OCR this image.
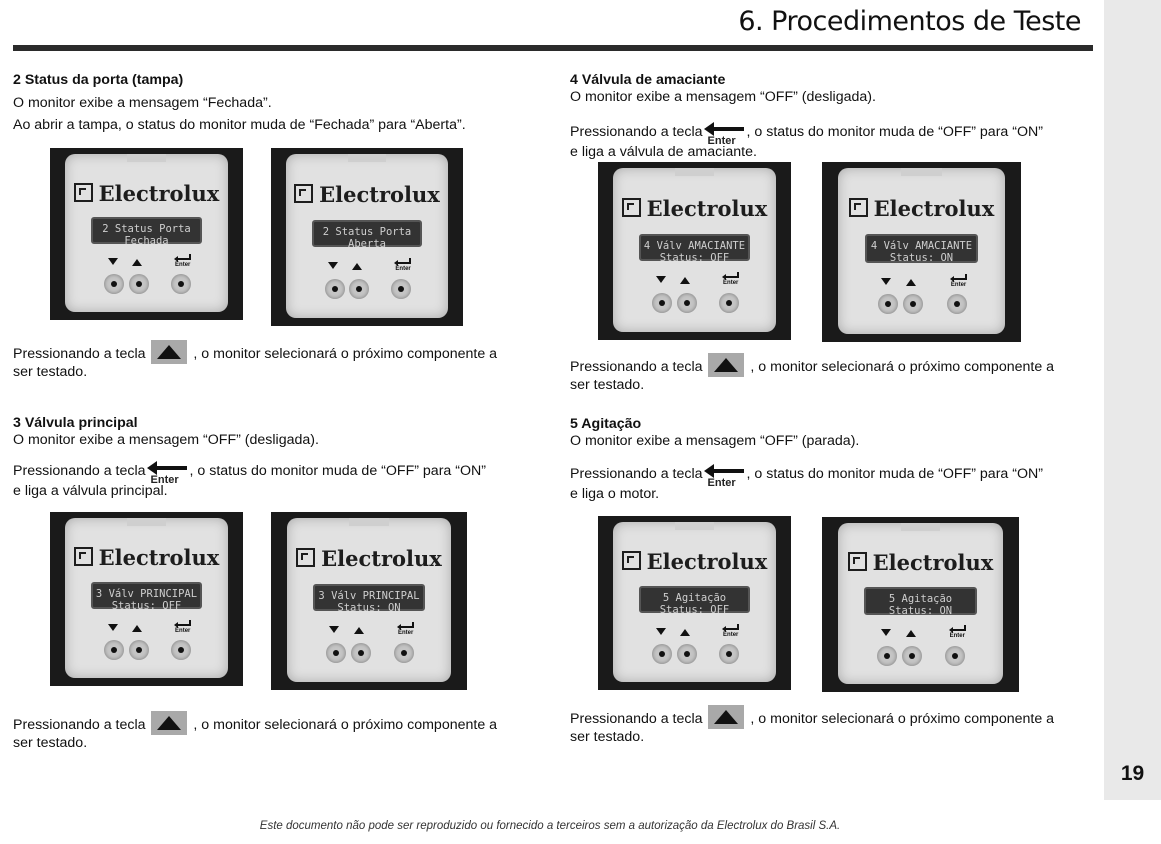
19
6. Procedimentos de Teste
2 Status da porta (tampa)

O monitor exibe a mensagem “Fechada”.

Ao abrir a tampa, o status do monitor muda de “Fechada” para “Aberta”.

Electrolux
2 Status Porta
Fechada
Enter
Electrolux
2 Status Porta
Aberta
Enter

Pressionando a tecla	, o monitor selecionará o próximo componente a

ser testado.

3 Válvula principal

O monitor exibe a mensagem “OFF” (desligada).

Pressionando a tecla
Enter
, o status do monitor muda de “OFF” para “ON”

e liga a válvula principal.

Electrolux
3 Válv PRINCIPAL
Status: OFF
Enter
Electrolux
3 Válv PRINCIPAL
Status: ON
Enter

Pressionando a tecla	, o monitor selecionará o próximo componente a

ser testado.

4 Válvula de amaciante

O monitor exibe a mensagem “OFF” (desligada).

Pressionando a tecla
Enter
, o status do monitor muda de “OFF” para “ON”

e liga a válvula de amaciante.

Electrolux
4 Válv AMACIANTE
Status: OFF
Enter
Electrolux
4 Válv AMACIANTE
Status: ON
Enter

Pressionando a tecla	, o monitor selecionará o próximo componente a

ser testado.

5 Agitação

O monitor exibe a mensagem “OFF” (parada).

Pressionando a tecla
Enter
, o status do monitor muda de “OFF” para “ON”

e liga o motor.

Electrolux
5 Agitação
Status: OFF
Enter
Electrolux
5 Agitação
Status: ON
Enter

Pressionando a tecla	, o monitor selecionará o próximo componente a

ser testado.

Este documento não pode ser reproduzido ou fornecido a terceiros sem a autorização da Electrolux do Brasil S.A.
